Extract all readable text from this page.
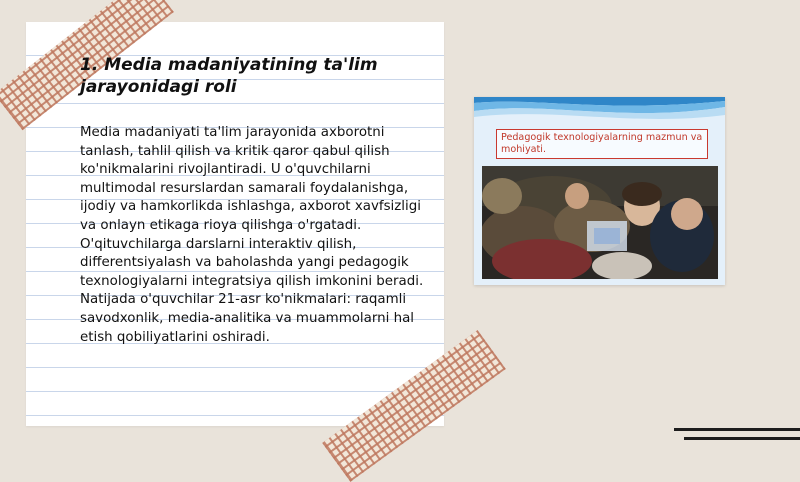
1. Media madaniyatining ta'lim jarayonidagi roli
Media madaniyati ta'lim jarayonida axborotni tanlash, tahlil qilish va kritik qaror qabul qilish ko'nikmalarini rivojlantiradi. U o'quvchilarni multimodal resurslardan samarali foydalanishga, ijodiy va hamkorlikda ishlashga, axborot xavfsizligi va onlayn etikaga rioya qilishga o'rgatadi. O'qituvchilarga darslarni interaktiv qilish, differentsiyalash va baholashda yangi pedagogik texnologiyalarni integratsiya qilish imkonini beradi. Natijada o'quvchilar 21-asr ko'nikmalari: raqamli savodxonlik, media-analitika va muammolarni hal etish qobiliyatlarini oshiradi.
Pedagogik texnologiyalarning mazmun va mohiyati.
